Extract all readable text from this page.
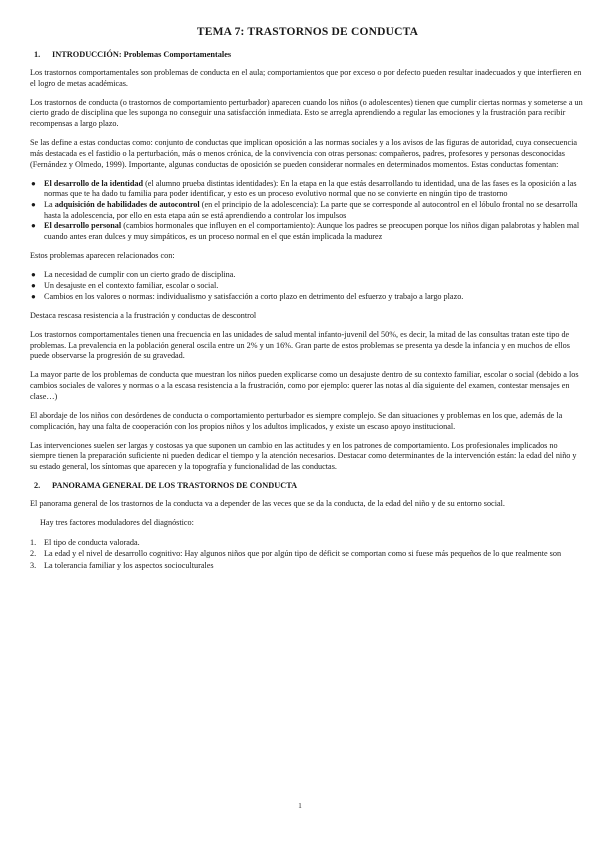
TEMA 7: TRASTORNOS DE CONDUCTA
1. INTRODUCCIÓN: Problemas Comportamentales

Los trastornos comportamentales son problemas de conducta en el aula; comportamientos que por exceso o por defecto pueden resultar inadecuados y que interfieren en el logro de metas académicas.

Los trastornos de conducta (o trastornos de comportamiento perturbador) aparecen cuando los niños (o adolescentes) tienen que cumplir ciertas normas y someterse a un cierto grado de disciplina que les suponga no conseguir una satisfacción inmediata. Esto se arregla aprendiendo a regular las emociones y la frustración para recibir recompensas a largo plazo.

Se las define a estas conductas como: conjunto de conductas que implican oposición a las normas sociales y a los avisos de las figuras de autoridad, cuya consecuencia más destacada es el fastidio o la perturbación, más o menos crónica, de la convivencia con otras personas: compañeros, padres, profesores y personas desconocidas (Fernández y Olmedo, 1999). Importante, algunas conductas de oposición se pueden considerar normales en determinados momentos. Estas conductas fomentan:

● El desarrollo de la identidad (el alumno prueba distintas identidades): En la etapa en la que estás desarrollando tu identidad, una de las fases es la oposición a las normas que te ha dado tu familia para poder identificar, y esto es un proceso evolutivo normal que no se convierte en ningún tipo de trastorno
● La adquisición de habilidades de autocontrol (en el principio de la adolescencia): La parte que se corresponde al autocontrol en el lóbulo frontal no se desarrolla hasta la adolescencia, por ello en esta etapa aún se está aprendiendo a controlar los impulsos
● El desarrollo personal (cambios hormonales que influyen en el comportamiento): Aunque los padres se preocupen porque los niños digan palabrotas y hablen mal cuando antes eran dulces y muy simpáticos, es un proceso normal en el que están implicada la madurez

Estos problemas aparecen relacionados con:

● La necesidad de cumplir con un cierto grado de disciplina.
● Un desajuste en el contexto familiar, escolar o social.
● Cambios en los valores o normas: individualismo y satisfacción a corto plazo en detrimento del esfuerzo y trabajo a largo plazo.

Destaca rescasa resistencia a la frustración y conductas de descontrol

Los trastornos comportamentales tienen una frecuencia en las unidades de salud mental infanto-juvenil del 50%, es decir, la mitad de las consultas tratan este tipo de problemas. La prevalencia en la población general oscila entre un 2% y un 16%. Gran parte de estos problemas se presenta ya desde la infancia y en muchos de ellos puede observarse la progresión de su gravedad.

La mayor parte de los problemas de conducta que muestran los niños pueden explicarse como un desajuste dentro de su contexto familiar, escolar o social (debido a los cambios sociales de valores y normas o a la escasa resistencia a la frustración, como por ejemplo: querer las notas al día siguiente del examen, contestar mensajes en clase…)

El abordaje de los niños con desórdenes de conducta o comportamiento perturbador es siempre complejo. Se dan situaciones y problemas en los que, además de la complicación, hay una falta de cooperación con los propios niños y los adultos implicados, y existe un escaso apoyo institucional.

Las intervenciones suelen ser largas y costosas ya que suponen un cambio en las actitudes y en los patrones de comportamiento. Los profesionales implicados no siempre tienen la preparación suficiente ni pueden dedicar el tiempo y la atención necesarios. Destacar como determinantes de la intervención están: la edad del niño y su estado general, los síntomas que aparecen y la topografía y funcionalidad de las conductas.

2. PANORAMA GENERAL DE LOS TRASTORNOS DE CONDUCTA

El panorama general de los trastornos de la conducta va a depender de las veces que se da la conducta, de la edad del niño y de su entorno social.

Hay tres factores moduladores del diagnóstico:

1. El tipo de conducta valorada.
2. La edad y el nivel de desarrollo cognitivo: Hay algunos niños que por algún tipo de déficit se comportan como si fuese más pequeños de lo que realmente son
3. La tolerancia familiar y los aspectos socioculturales
1
